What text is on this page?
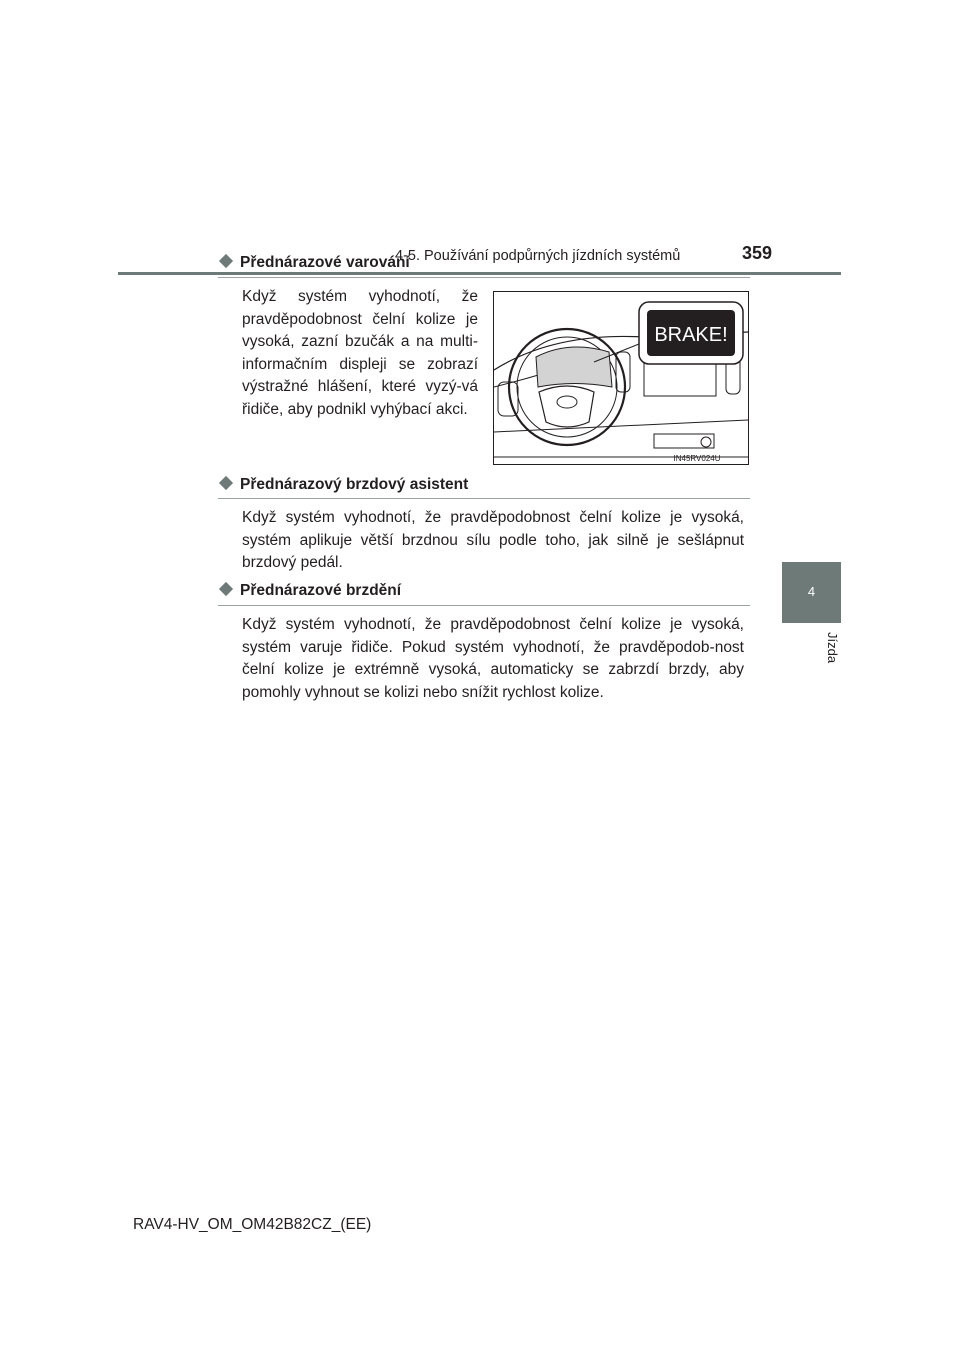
4-5. Používání podpůrných jízdních systémů	359
4
Jízda
Přednárazové varování
Když systém vyhodnotí, že pravděpodobnost čelní kolize je vysoká, zazní bzučák a na multi-informačním displeji se zobrazí výstražné hlášení, které vyzý-vá řidiče, aby podnikl vyhýbací akci.
BRAKE!
IN45RV024U
Přednárazový brzdový asistent
Když systém vyhodnotí, že pravděpodobnost čelní kolize je vysoká, systém aplikuje větší brzdnou sílu podle toho, jak silně je sešlápnut brzdový pedál.
Přednárazové brzdění
Když systém vyhodnotí, že pravděpodobnost čelní kolize je vysoká, systém varuje řidiče. Pokud systém vyhodnotí, že pravděpodob-nost čelní kolize je extrémně vysoká, automaticky se zabrzdí brzdy, aby pomohly vyhnout se kolizi nebo snížit rychlost kolize.
RAV4-HV_OM_OM42B82CZ_(EE)
